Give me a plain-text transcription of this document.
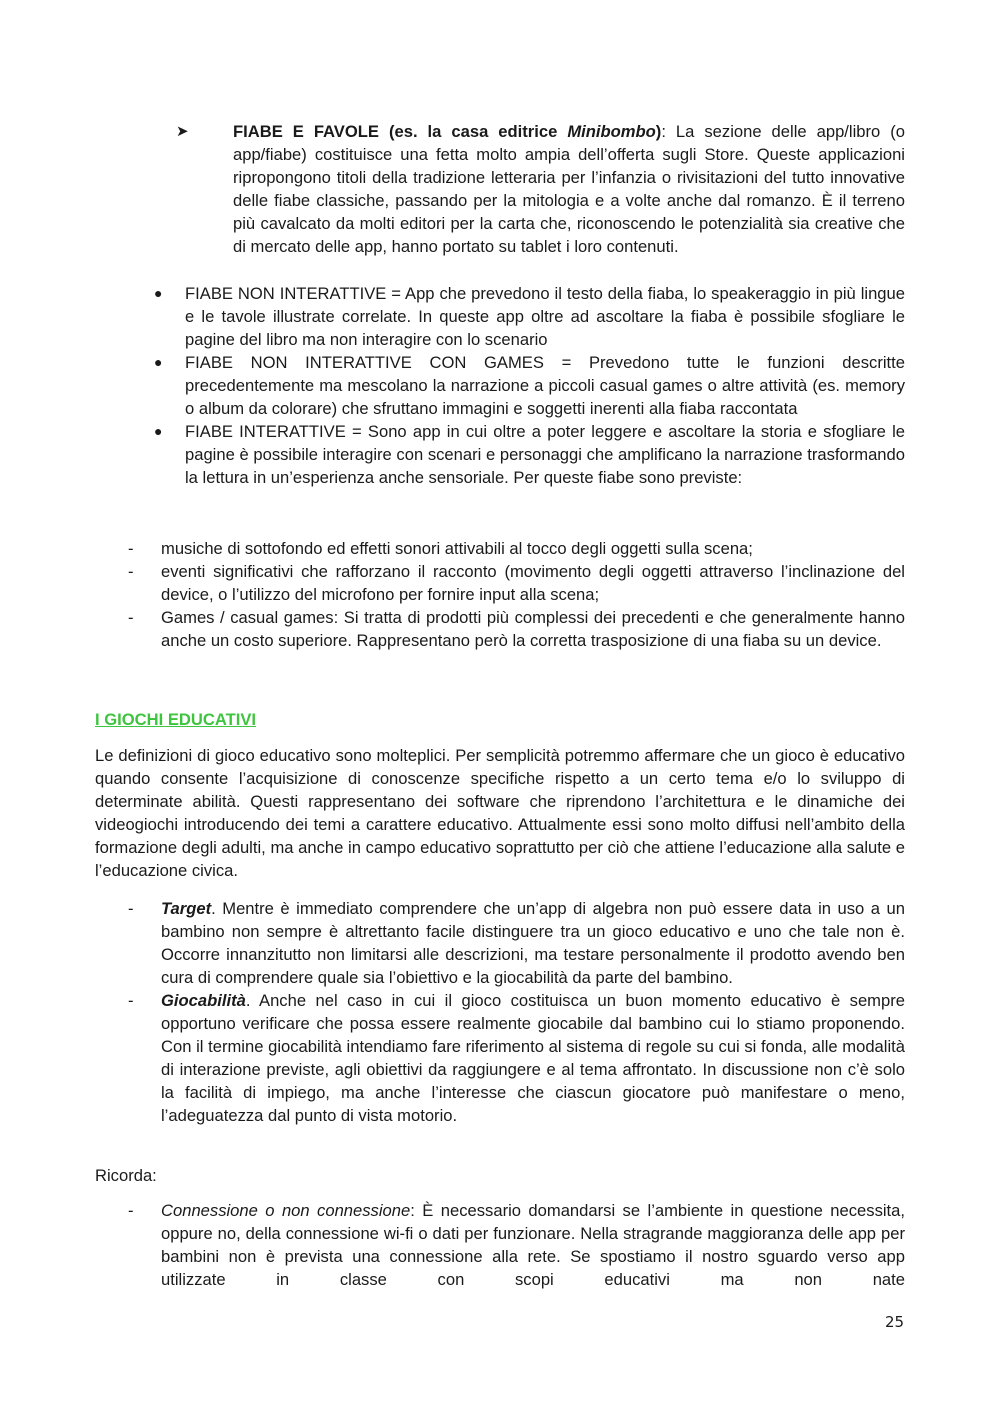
➤	FIABE E FAVOLE (es. la casa editrice Minibombo): La sezione delle app/libro (o app/fiabe) costituisce una fetta molto ampia dell’offerta sugli Store. Queste applicazioni ripropongono titoli della tradizione letteraria per l’infanzia o rivisitazioni del tutto innovative delle fiabe classiche, passando per la mitologia e a volte anche dal romanzo. È il terreno più cavalcato da molti editori per la carta che, riconoscendo le potenzialità sia creative che di mercato delle app, hanno portato su tablet i loro contenuti.

● FIABE NON INTERATTIVE = App che prevedono il testo della fiaba, lo speakeraggio in più lingue e le tavole illustrate correlate. In queste app oltre ad ascoltare la fiaba è possibile sfogliare le pagine del libro ma non interagire con lo scenario

● FIABE NON INTERATTIVE CON GAMES = Prevedono tutte le funzioni descritte precedentemente ma mescolano la narrazione a piccoli casual games o altre attività (es. memory o album da colorare) che sfruttano immagini e soggetti inerenti alla fiaba raccontata

● FIABE INTERATTIVE = Sono app in cui oltre a poter leggere e ascoltare la storia e sfogliare le pagine è possibile interagire con scenari e personaggi che amplificano la narrazione trasformando la lettura in un’esperienza anche sensoriale. Per queste fiabe sono previste:

- musiche di sottofondo ed effetti sonori attivabili al tocco degli oggetti sulla scena;

- eventi significativi che rafforzano il racconto (movimento degli oggetti attraverso l’inclinazione del device, o l’utilizzo del microfono per fornire input alla scena;

- Games / casual games: Si tratta di prodotti più complessi dei precedenti e che generalmente hanno anche un costo superiore. Rappresentano però la corretta trasposizione di una fiaba su un device.

I GIOCHI EDUCATIVI

Le definizioni di gioco educativo sono molteplici. Per semplicità potremmo affermare che un gioco è educativo quando consente l’acquisizione di conoscenze specifiche rispetto a un certo tema e/o lo sviluppo di determinate abilità. Questi rappresentano dei software che riprendono l’architettura e le dinamiche dei videogiochi introducendo dei temi a carattere educativo. Attualmente essi sono molto diffusi nell’ambito della formazione degli adulti, ma anche in campo educativo soprattutto per ciò che attiene l’educazione alla salute e l’educazione civica.

- Target. Mentre è immediato comprendere che un’app di algebra non può essere data in uso a un bambino non sempre è altrettanto facile distinguere tra un gioco educativo e uno che tale non è. Occorre innanzitutto non limitarsi alle descrizioni, ma testare personalmente il prodotto avendo ben cura di comprendere quale sia l’obiettivo e la giocabilità da parte del bambino.

- Giocabilità. Anche nel caso in cui il gioco costituisca un buon momento educativo è sempre opportuno verificare che possa essere realmente giocabile dal bambino cui lo stiamo proponendo. Con il termine giocabilità intendiamo fare riferimento al sistema di regole su cui si fonda, alle modalità di interazione previste, agli obiettivi da raggiungere e al tema affrontato. In discussione non c’è solo la facilità di impiego, ma anche l’interesse che ciascun giocatore può manifestare o meno, l’adeguatezza dal punto di vista motorio.

Ricorda:

- Connessione o non connessione: È necessario domandarsi se l’ambiente in questione necessita, oppure no, della connessione wi-fi o dati per funzionare. Nella stragrande maggioranza delle app per bambini non è prevista una connessione alla rete. Se spostiamo il nostro sguardo verso app utilizzate in classe con scopi educativi ma non nate

25
